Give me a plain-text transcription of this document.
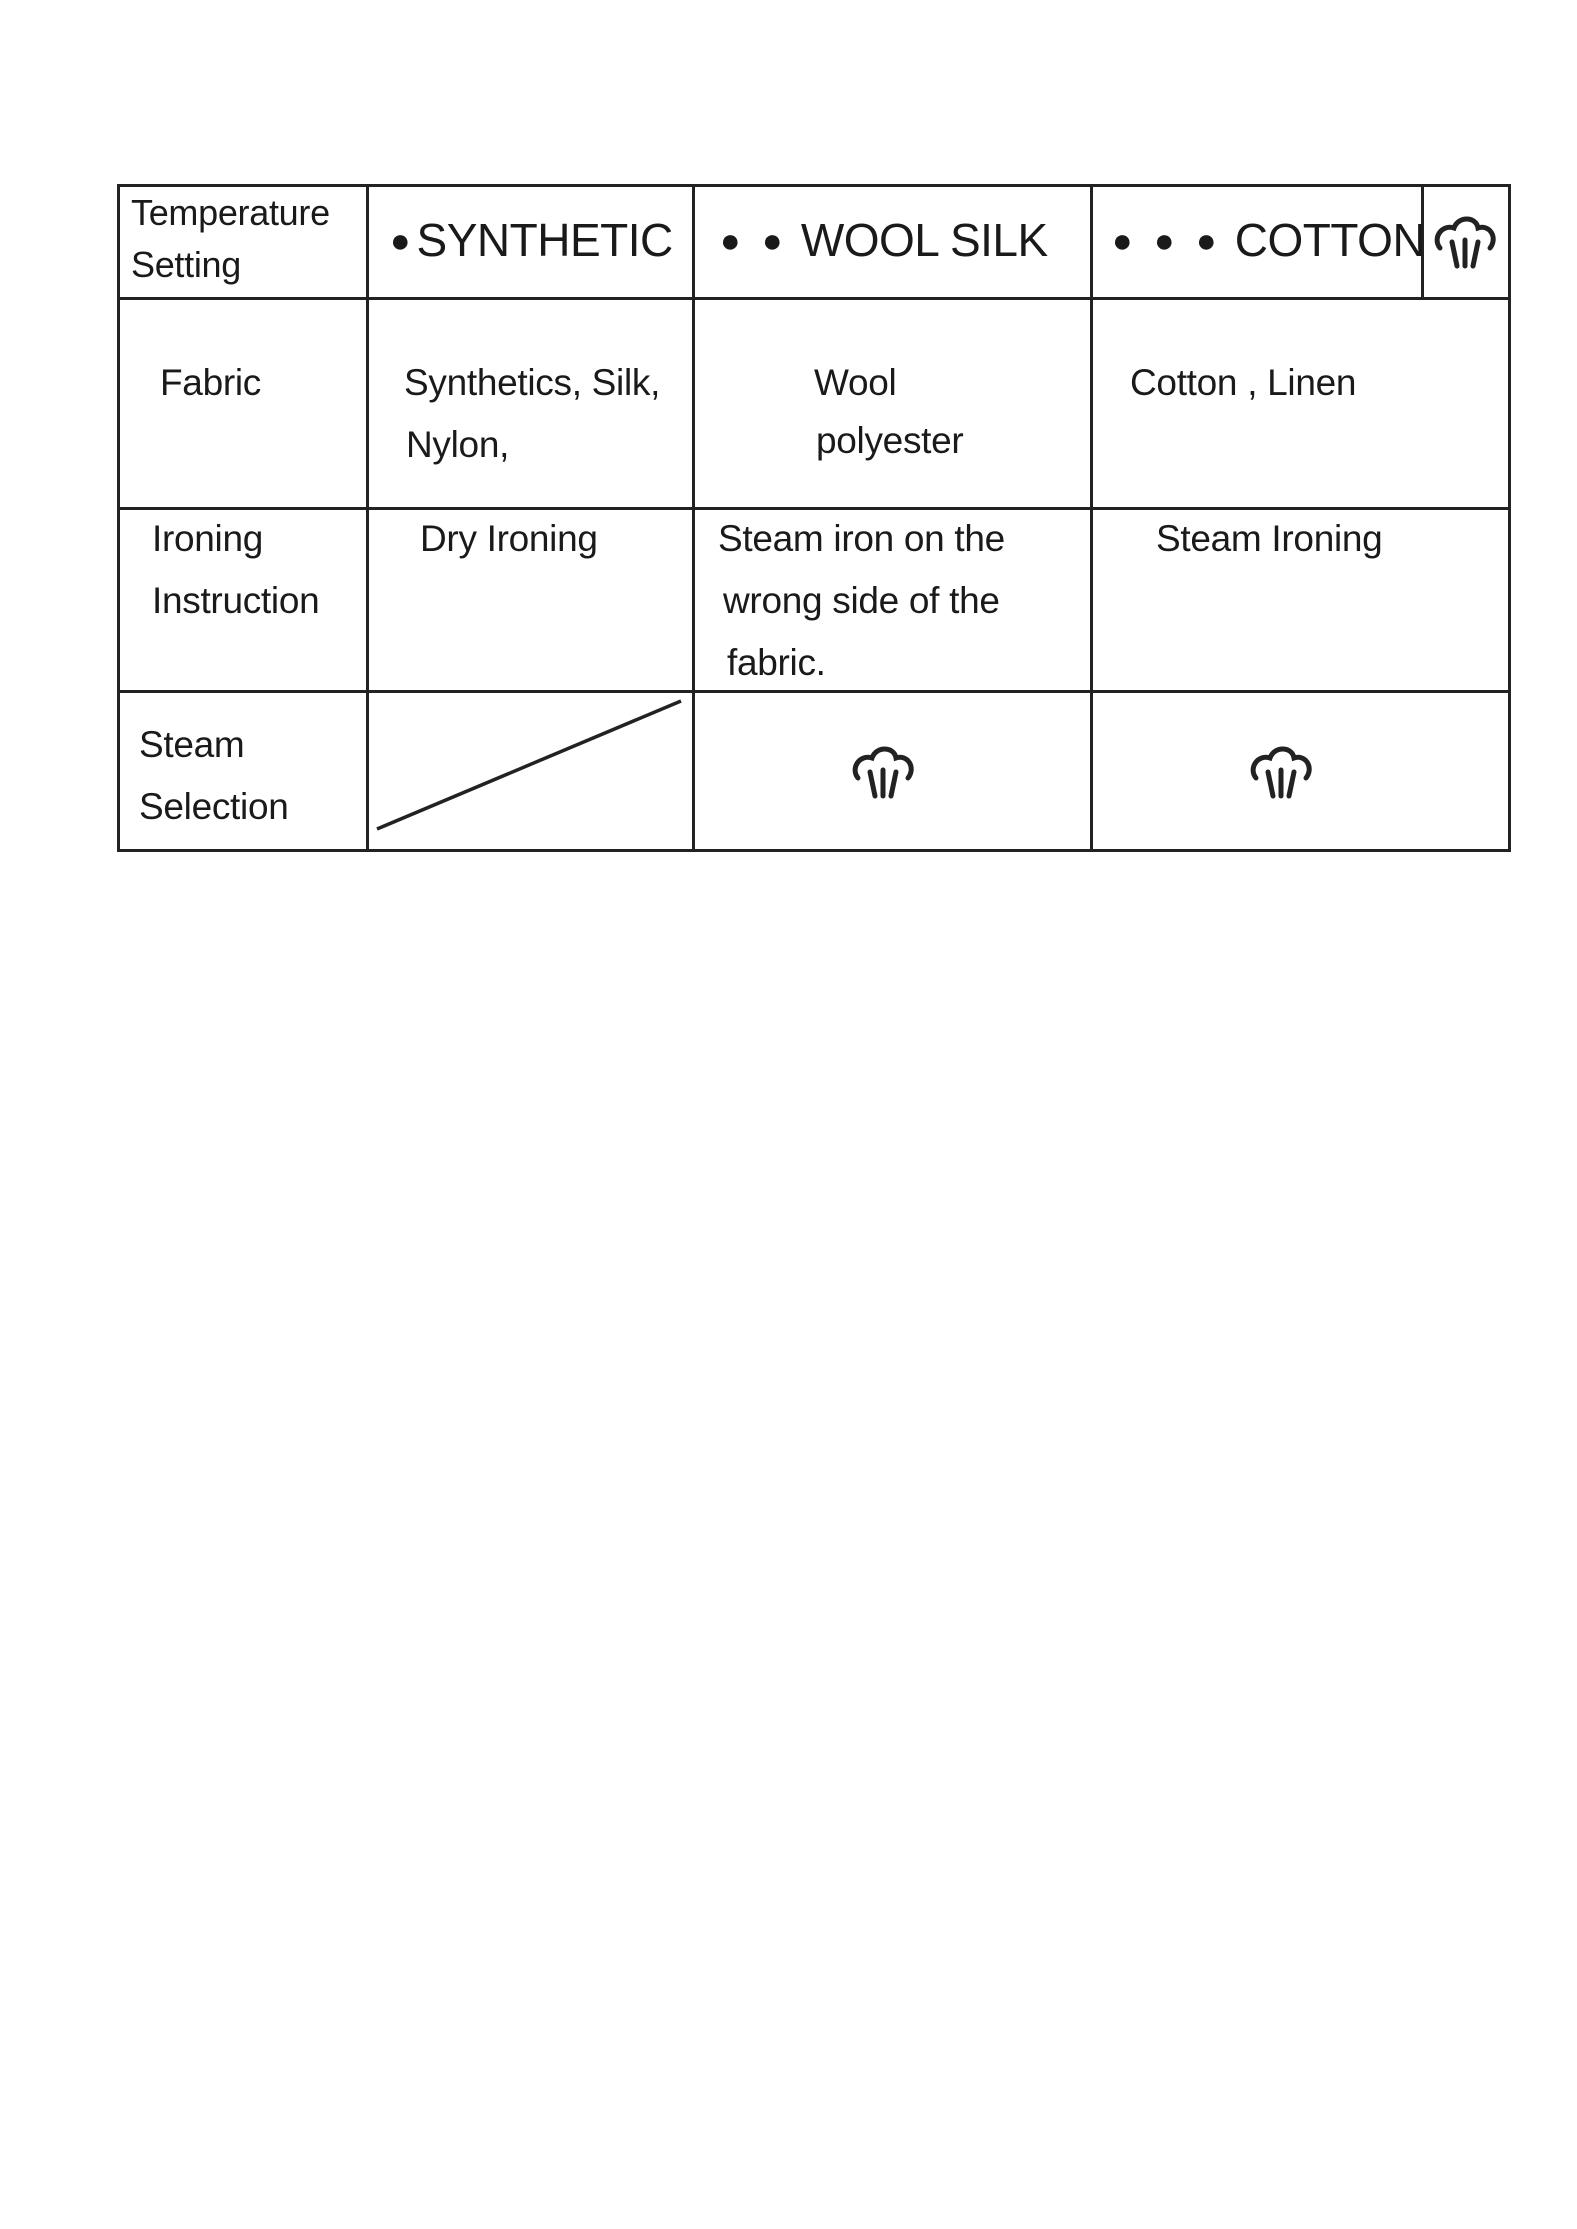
Temperature
Setting
●SYNTHETIC ● ● WOOL SILK ● ● ● COTTON
Fabric	Synthetics, Silk,
Nylon,
Wool
polyester
Cotton , Linen
Ironing
Instruction
Dry Ironing	Steam iron on the
wrong side of the
fabric.
Steam Ironing
Steam
Selection
